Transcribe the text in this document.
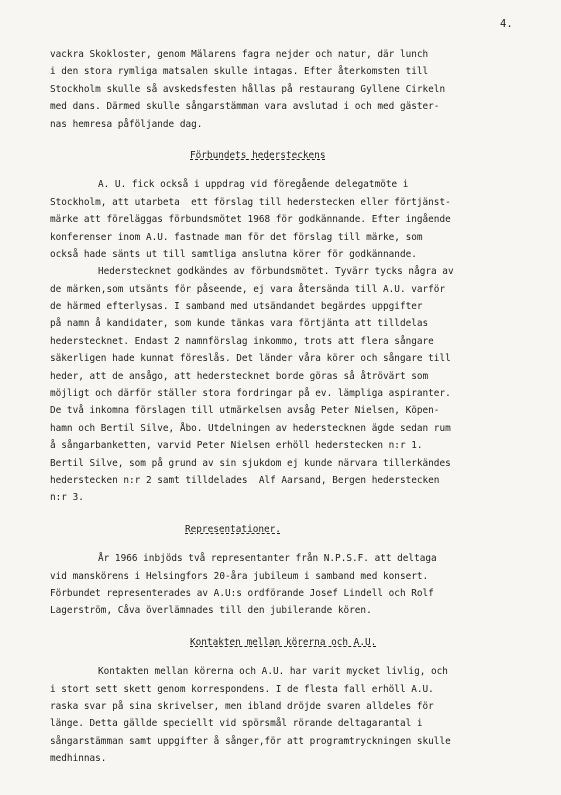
4.
vackra Skokloster, genom Mälarens fagra nejder och natur, där lunch
i den stora rymliga matsalen skulle intagas. Efter återkomsten till
Stockholm skulle så avskedsfesten hållas på restaurang Gyllene Cirkeln
med dans. Därmed skulle sångarstämman vara avslutad i och med gäster-
nas hemresa påföljande dag.
Förbundets hedersteckens
A. U. fick också i uppdrag vid föregående delegatmöte i
Stockholm, att utarbeta  ett förslag till hederstecken eller förtjänst-
märke att föreläggas förbundsmötet 1968 för godkännande. Efter ingående
konferenser inom A.U. fastnade man för det förslag till märke, som
också hade sänts ut till samtliga anslutna körer för godkännande.
Hederstecknet godkändes av förbundsmötet. Tyvärr tycks några av
de märken,som utsänts för påseende, ej vara återsända till A.U. varför
de härmed efterlysas. I samband med utsändandet begärdes uppgifter
på namn å kandidater, som kunde tänkas vara förtjänta att tilldelas
hederstecknet. Endast 2 namnförslag inkommo, trots att flera sångare
säkerligen hade kunnat föreslås. Det länder våra körer och sångare till
heder, att de ansågo, att hederstecknet borde göras så åtrövärt som
möjligt och därför ställer stora fordringar på ev. lämpliga aspiranter.
De två inkomna förslagen till utmärkelsen avsåg Peter Nielsen, Köpen-
hamn och Bertil Silve, Åbo. Utdelningen av hederstecknen ägde sedan rum
å sångarbanketten, varvid Peter Nielsen erhöll hederstecken n:r 1.
Bertil Silve, som på grund av sin sjukdom ej kunde närvara tillerkändes
hederstecken n:r 2 samt tilldelades  Alf Aarsand, Bergen hederstecken
n:r 3.
Representationer.
År 1966 inbjöds två representanter från N.P.S.F. att deltaga
vid manskörens i Helsingfors 20-åra jubileum i samband med konsert.
Förbundet representerades av A.U:s ordförande Josef Lindell och Rolf
Lagerström, Cåva överlämnades till den jubilerande kören.
Kontakten mellan körerna och A.U.
Kontakten mellan körerna och A.U. har varit mycket livlig, och
i stort sett skett genom korrespondens. I de flesta fall erhöll A.U.
raska svar på sina skrivelser, men ibland dröjde svaren alldeles för
länge. Detta gällde speciellt vid spörsmål rörande deltagarantal i
sångarstämman samt uppgifter å sånger,för att programtryckningen skulle
medhinnas.
